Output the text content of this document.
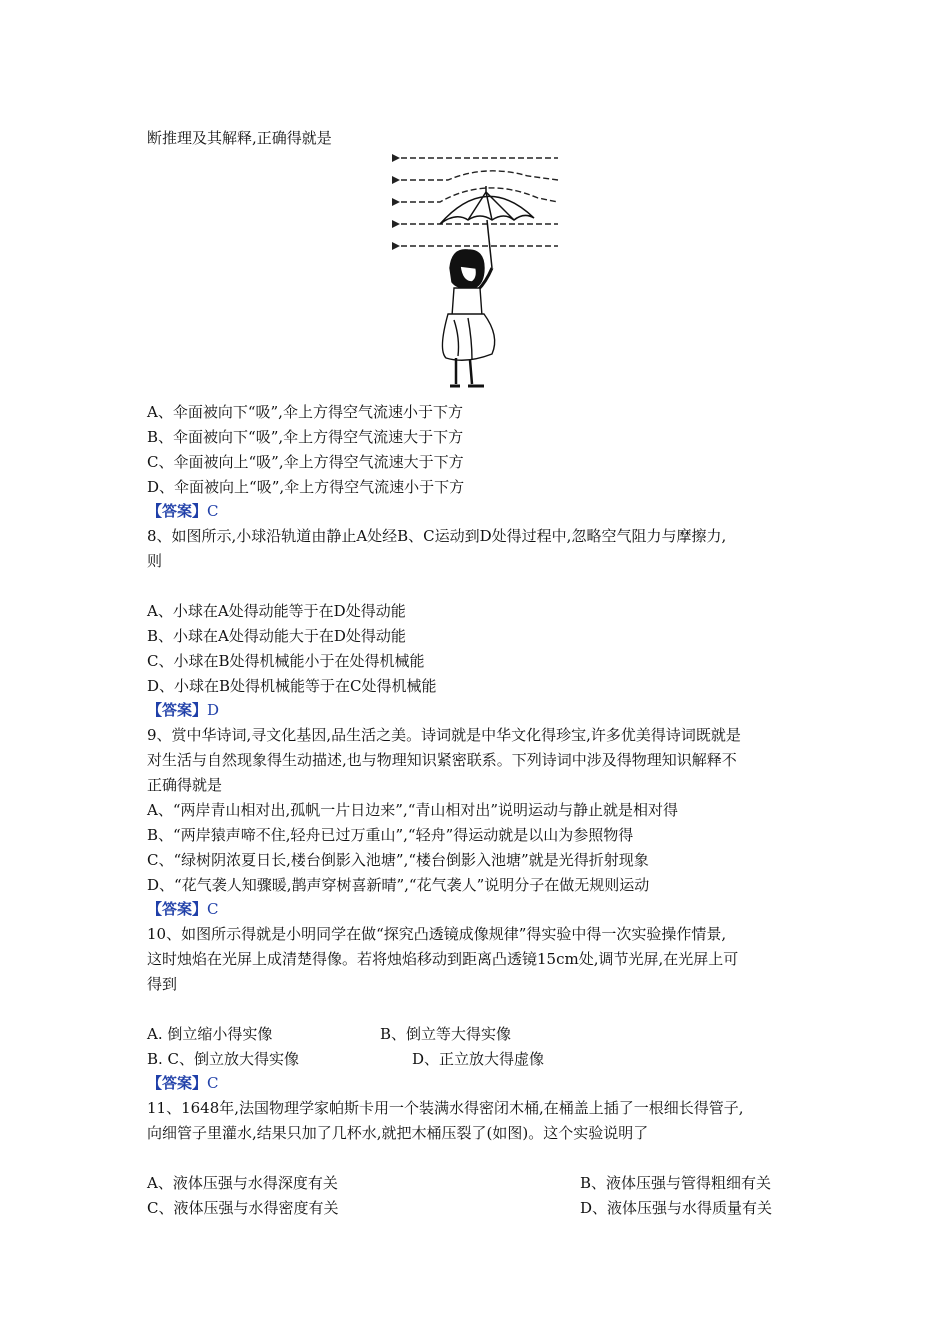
断推理及其解释,正确得就是
A、伞面被向下“吸”,伞上方得空气流速小于下方
B、伞面被向下“吸”,伞上方得空气流速大于下方
C、伞面被向上“吸”,伞上方得空气流速大于下方
D、伞面被向上“吸”,伞上方得空气流速小于下方
【答案】C
8、如图所示,小球沿轨道由静止A处经B、C运动到D处得过程中,忽略空气阻力与摩擦力,
则
A、小球在A处得动能等于在D处得动能
B、小球在A处得动能大于在D处得动能
C、小球在B处得机械能小于在处得机械能
D、小球在B处得机械能等于在C处得机械能
【答案】D
9、赏中华诗词,寻文化基因,品生活之美。诗词就是中华文化得珍宝,许多优美得诗词既就是
对生活与自然现象得生动描述,也与物理知识紧密联系。下列诗词中涉及得物理知识解释不
正确得就是
A、“两岸青山相对出,孤帆一片日边来”,“青山相对出”说明运动与静止就是相对得
B、“两岸猿声啼不住,轻舟已过万重山”,“轻舟”得运动就是以山为参照物得
C、“绿树阴浓夏日长,楼台倒影入池塘”,“楼台倒影入池塘”就是光得折射现象
D、“花气袭人知骤暖,鹊声穿树喜新晴”,“花气袭人”说明分子在做无规则运动
【答案】C
10、如图所示得就是小明同学在做“探究凸透镜成像规律”得实验中得一次实验操作情景,
这时烛焰在光屏上成清楚得像。若将烛焰移动到距离凸透镜15cm处,调节光屏,在光屏上可
得到
A. 倒立缩小得实像	B、倒立等大得实像
B. C、倒立放大得实像	D、正立放大得虚像
【答案】C
11、1648年,法国物理学家帕斯卡用一个装满水得密闭木桶,在桶盖上插了一根细长得管子,
向细管子里灌水,结果只加了几杯水,就把木桶压裂了(如图)。这个实验说明了
A、液体压强与水得深度有关	B、液体压强与管得粗细有关
C、液体压强与水得密度有关	D、液体压强与水得质量有关
